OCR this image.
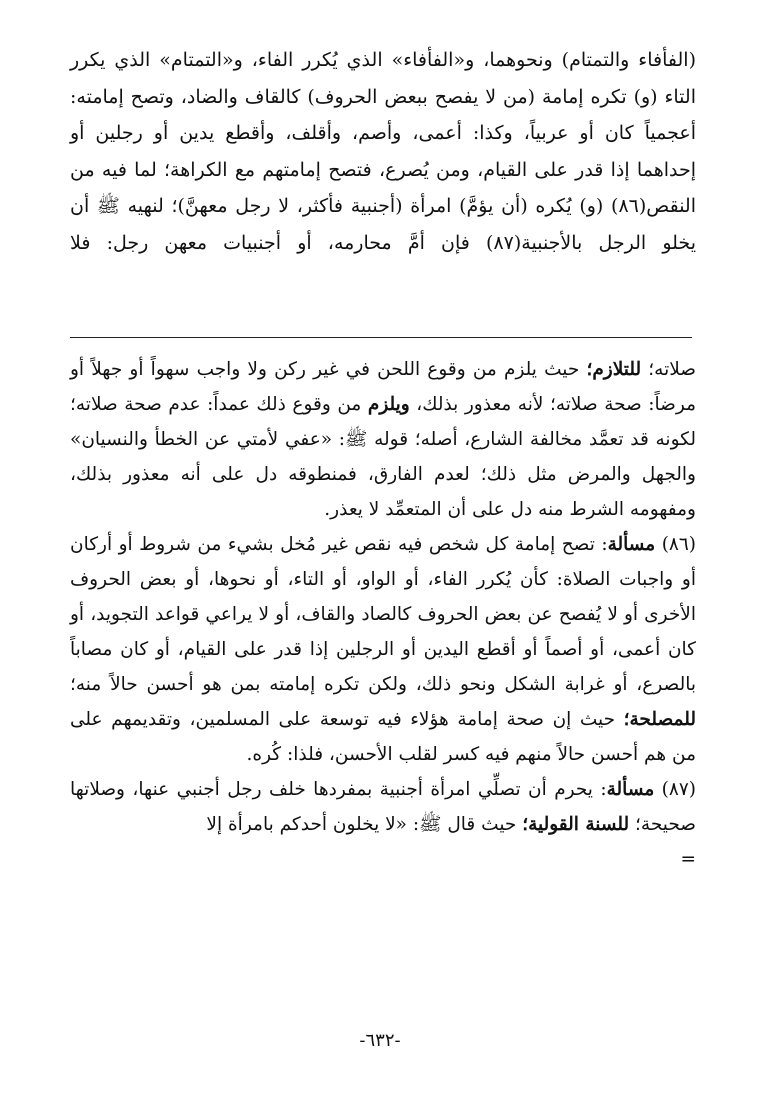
(الفأفاء والتمتام) ونحوهما، و«الفأفاء» الذي يُكرر الفاء، و«التمتام» الذي يكرر التاء (و) تكره إمامة (من لا يفصح ببعض الحروف) كالقاف والضاد، وتصح إمامته: أعجمياً كان أو عربياً، وكذا: أعمى، وأصم، وأقلف، وأقطع يدين أو رجلين أو إحداهما إذا قدر على القيام، ومن يُصرع، فتصح إمامتهم مع الكراهة؛ لما فيه من النقص(٨٦) (و) يُكره (أن يؤمَّ) امرأة (أجنبية فأكثر، لا رجل معهنَّ)؛ لنهيه ﷺ أن يخلو الرجل بالأجنبية(٨٧) فإن أمَّ محارمه، أو أجنبيات معهن رجل: فلا

صلاته؛ للتلازم؛ حيث يلزم من وقوع اللحن في غير ركن ولا واجب سهواً أو جهلاً أو مرضاً: صحة صلاته؛ لأنه معذور بذلك، ويلزم من وقوع ذلك عمداً: عدم صحة صلاته؛ لكونه قد تعمَّد مخالفة الشارع، أصله؛ قوله ﷺ: «عفي لأمتي عن الخطأ والنسيان» والجهل والمرض مثل ذلك؛ لعدم الفارق، فمنطوقه دل على أنه معذور بذلك، ومفهومه الشرط منه دل على أن المتعمِّد لا يعذر.

(٨٦) مسألة: تصح إمامة كل شخص فيه نقص غير مُخل بشيء من شروط أو أركان أو واجبات الصلاة: كأن يُكرر الفاء، أو الواو، أو التاء، أو نحوها، أو بعض الحروف الأخرى أو لا يُفصح عن بعض الحروف كالصاد والقاف، أو لا يراعي قواعد التجويد، أو كان أعمى، أو أصماً أو أقطع اليدين أو الرجلين إذا قدر على القيام، أو كان مصاباً بالصرع، أو غرابة الشكل ونحو ذلك، ولكن تكره إمامته بمن هو أحسن حالاً منه؛ للمصلحة؛ حيث إن صحة إمامة هؤلاء فيه توسعة على المسلمين، وتقديمهم على من هم أحسن حالاً منهم فيه كسر لقلب الأحسن، فلذا: كُره.

(٨٧) مسألة: يحرم أن تصلِّي امرأة أجنبية بمفردها خلف رجل أجنبي عنها، وصلاتها صحيحة؛ للسنة القولية؛ حيث قال ﷺ: «لا يخلون أحدكم بامرأة إلا

=

-٦٣٢-
